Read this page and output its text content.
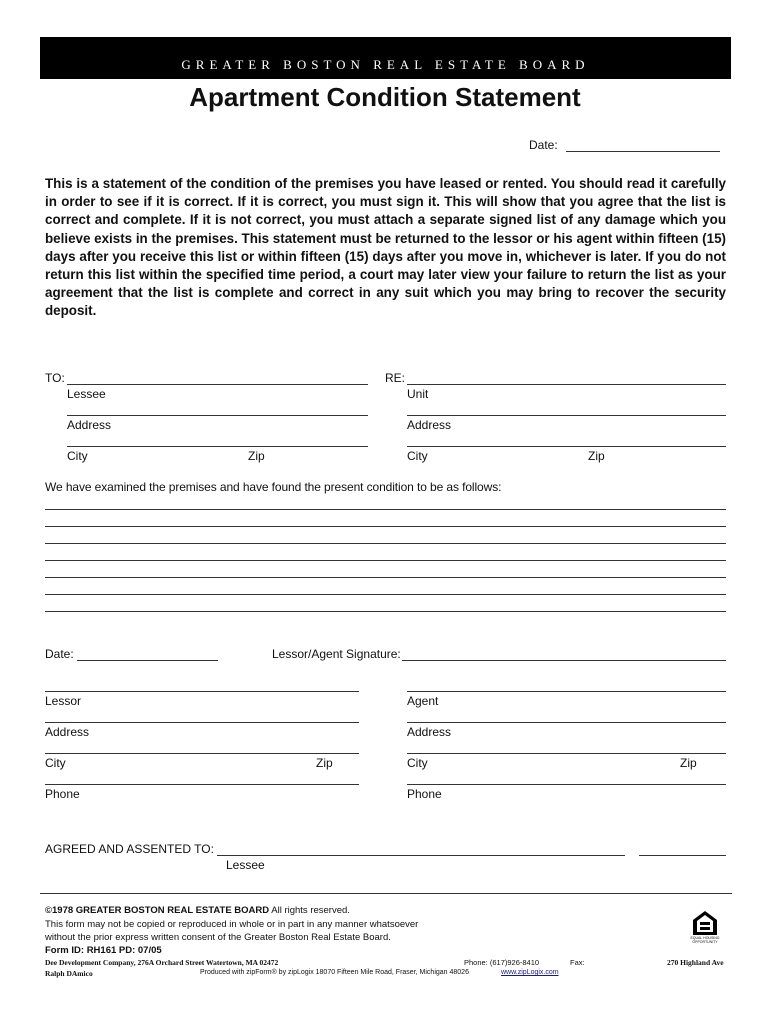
GREATER BOSTON REAL ESTATE BOARD
Apartment Condition Statement
Date:
This is a statement of the condition of the premises you have leased or rented. You should read it carefully in order to see if it is correct. If it is correct, you must sign it. This will show that you agree that the list is correct and complete. If it is not correct, you must attach a separate signed list of any damage which you believe exists in the premises. This statement must be returned to the lessor or his agent within fifteen (15) days after you receive this list or within fifteen (15) days after you move in, whichever is later. If you do not return this list within the specified time period, a court may later view your failure to return the list as your agreement that the list is complete and correct in any suit which you may bring to recover the security deposit.
TO:
Lessee
Address
City	Zip
RE:
Unit
Address
City	Zip
We have examined the premises and have found the present condition to be as follows:
Date:	Lessor/Agent Signature:
Lessor
Address
City	Zip
Phone
Agent
Address
City	Zip
Phone
AGREED AND ASSENTED TO:
Lessee
©1978 GREATER BOSTON REAL ESTATE BOARD All rights reserved.
This form may not be copied or reproduced in whole or in part in any manner whatsoever
without the prior express written consent of the Greater Boston Real Estate Board.
Form ID: RH161 PD: 07/05
EQUAL HOUSING OPPORTUNITY
Dee Development Company, 276A Orchard Street Watertown, MA 02472	Phone: (617)926-8410	Fax:	270 Highland Ave
Ralph DAmico	Produced with zipForm® by zipLogix 18070 Fifteen Mile Road, Fraser, Michigan 48026	www.zipLogix.com
